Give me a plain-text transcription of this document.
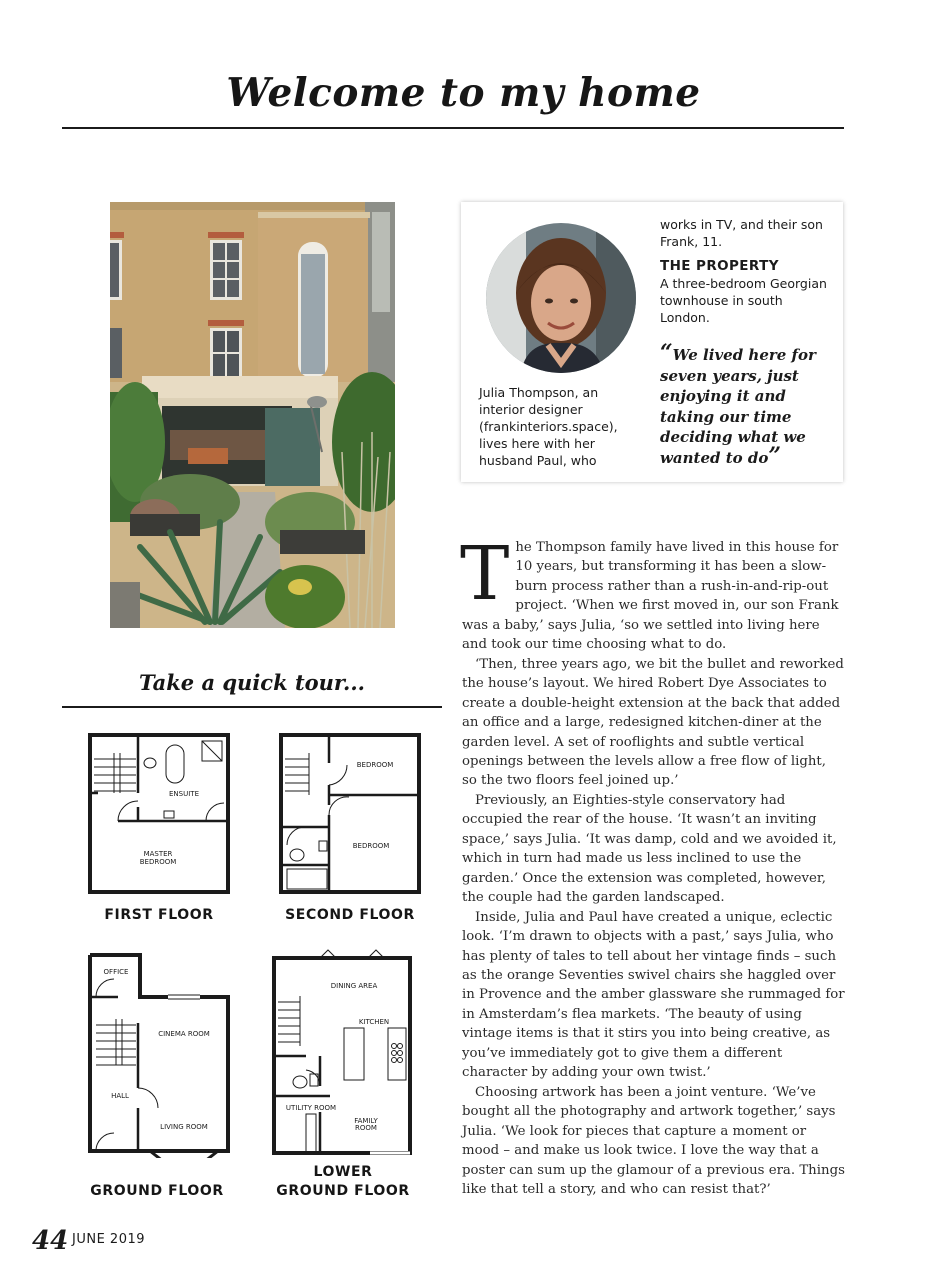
Welcome to my home
Julia Thompson, an interior designer (frankinteriors.space), lives here with her husband Paul, who

works in TV, and their son Frank, 11.

THE PROPERTY

A three-bedroom Georgian townhouse in south London.

“We lived here for seven years, just enjoying it and taking our time deciding what we wanted to do”
Take a quick tour...
ENSUITE
MASTER
BEDROOM
FIRST FLOOR
BEDROOM
BEDROOM
SECOND FLOOR
OFFICE
CINEMA ROOM
HALL
LIVING ROOM
GROUND FLOOR
DINING AREA
KITCHEN
UTILITY ROOM
FAMILY
ROOM
LOWER
GROUND FLOOR

The Thompson family have lived in this house for 10 years, but transforming it has been a slow-burn process rather than a rush-in-and-rip-out project. ‘When we first moved in, our son Frank was a baby,’ says Julia, ‘so we settled into living here and took our time choosing what to do.

‘Then, three years ago, we bit the bullet and reworked the house’s layout. We hired Robert Dye Associates to create a double-height extension at the back that added an office and a large, redesigned kitchen-diner at the garden level. A set of rooflights and subtle vertical openings between the levels allow a free flow of light, so the two floors feel joined up.’

Previously, an Eighties-style conservatory had occupied the rear of the house. ‘It wasn’t an inviting space,’ says Julia. ‘It was damp, cold and we avoided it, which in turn had made us less inclined to use the garden.’ Once the extension was completed, however, the couple had the garden landscaped.

Inside, Julia and Paul have created a unique, eclectic look. ‘I’m drawn to objects with a past,’ says Julia, who has plenty of tales to tell about her vintage finds – such as the orange Seventies swivel chairs she haggled over in Provence and the amber glassware she rummaged for in Amsterdam’s flea markets. ‘The beauty of using vintage items is that it stirs you into being creative, as you’ve immediately got to give them a different character by adding your own twist.’

Choosing artwork has been a joint venture. ‘We’ve bought all the photography and artwork together,’ says Julia. ‘We look for pieces that capture a moment or mood – and make us look twice. I love the way that a poster can sum up the glamour of a previous era. Things like that tell a story, and who can resist that?’

44 JUNE 2019
